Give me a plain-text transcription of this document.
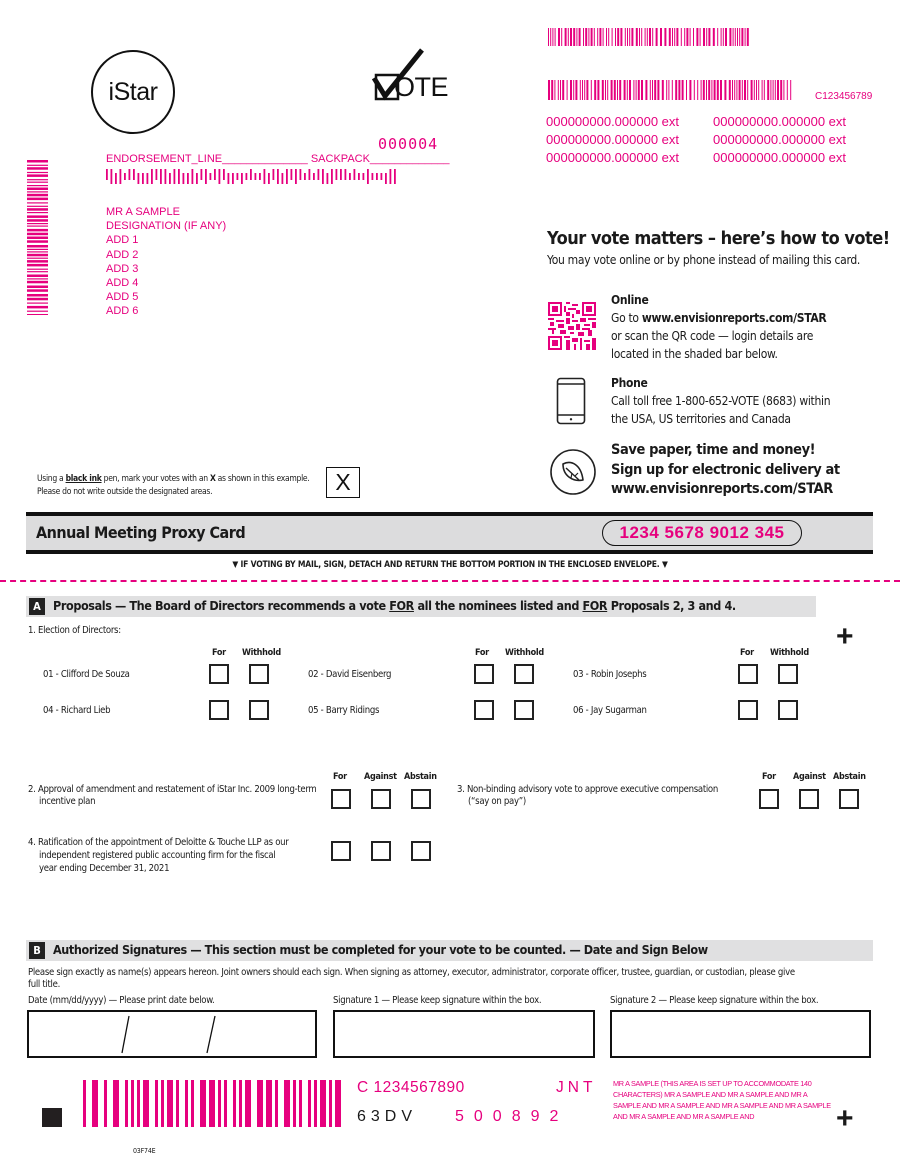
iStar	OTE
000004
ENDORSEMENT_LINE______________ SACKPACK_____________
MR A SAMPLE
DESIGNATION (IF ANY)
ADD 1
ADD 2
ADD 3
ADD 4
ADD 5
ADD 6
C123456789
000000000.000000 ext	000000000.000000 ext
000000000.000000 ext	000000000.000000 ext
000000000.000000 ext	000000000.000000 ext
Your vote matters – here’s how to vote!
You may vote online or by phone instead of mailing this card.
Online
Go to www.envisionreports.com/STAR
or scan the QR code — login details are
located in the shaded bar below.
Phone
Call toll free 1-800-652-VOTE (8683) within
the USA, US territories and Canada
Save paper, time and money!
Sign up for electronic delivery at
www.envisionreports.com/STAR
Using a black ink pen, mark your votes with an X as shown in this example.
Please do not write outside the designated areas.	X
Annual Meeting Proxy Card	1234 5678 9012 345
▼ IF VOTING BY MAIL, SIGN, DETACH AND RETURN THE BOTTOM PORTION IN THE ENCLOSED ENVELOPE. ▼
A Proposals — The Board of Directors recommends a vote FOR all the nominees listed and FOR Proposals 2, 3 and 4.
1. Election of Directors:	+
For Withhold	For Withhold	For Withhold
01 - Clifford De Souza	02 - David Eisenberg	03 - Robin Josephs
04 - Richard Lieb	05 - Barry Ridings	06 - Jay Sugarman
For Against Abstain
2. Approval of amendment and restatement of iStar Inc. 2009 long-term
incentive plan
For Against Abstain
3. Non-binding advisory vote to approve executive compensation
(“say on pay”)
4. Ratification of the appointment of Deloitte & Touche LLP as our
independent registered public accounting firm for the fiscal
year ending December 31, 2021
B Authorized Signatures — This section must be completed for your vote to be counted. — Date and Sign Below
Please sign exactly as name(s) appears hereon. Joint owners should each sign. When signing as attorney, executor, administrator, corporate officer, trustee, guardian, or custodian, please give
full title.
Date (mm/dd/yyyy) — Please print date below.	Signature 1 — Please keep signature within the box.	Signature 2 — Please keep signature within the box.
03F74E
C 1234567890	JNT
63DV 500892
MR A SAMPLE (THIS AREA IS SET UP TO ACCOMMODATE 140 CHARACTERS) MR A SAMPLE AND MR A SAMPLE AND MR A SAMPLE AND MR A SAMPLE AND MR A SAMPLE AND MR A SAMPLE AND MR A SAMPLE AND MR A SAMPLE AND	+
